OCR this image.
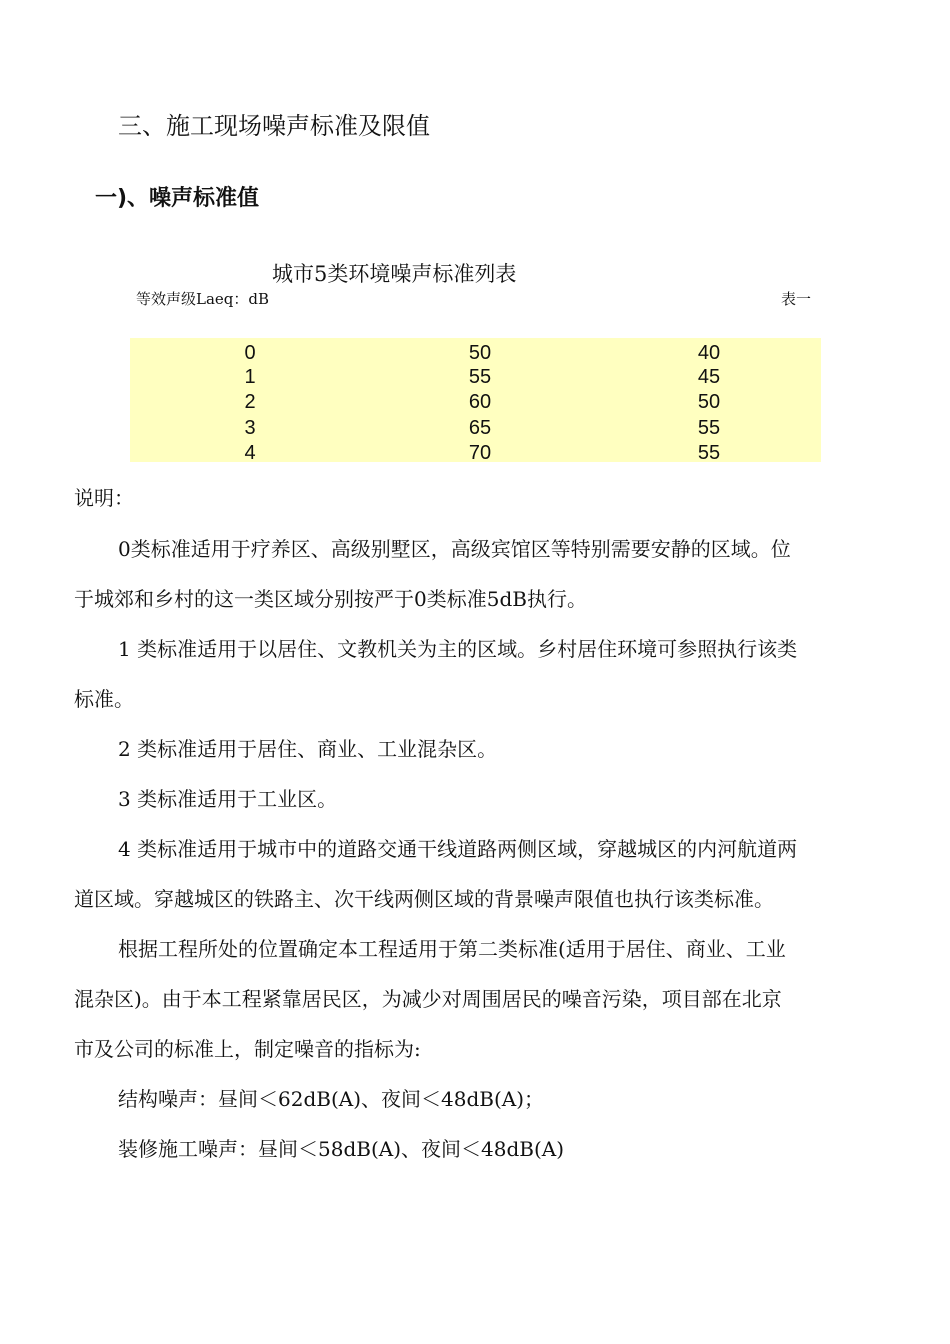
三、施工现场噪声标准及限值
一)、噪声标准值
城市5类环境噪声标准列表
等效声级Laeq：dB	表一
0	50	40
1	55	45
2	60	50
3	65	55
4	70	55
说明：
0类标准适用于疗养区、高级别墅区，高级宾馆区等特别需要安静的区域。位
于城郊和乡村的这一类区域分别按严于0类标准5dB执行。
1 类标准适用于以居住、文教机关为主的区域。乡村居住环境可参照执行该类
标准。
2 类标准适用于居住、商业、工业混杂区。
3 类标准适用于工业区。
4 类标准适用于城市中的道路交通干线道路两侧区域，穿越城区的内河航道两
道区域。穿越城区的铁路主、次干线两侧区域的背景噪声限值也执行该类标准。
根据工程所处的位置确定本工程适用于第二类标准(适用于居住、商业、工业
混杂区)。由于本工程紧靠居民区，为减少对周围居民的噪音污染，项目部在北京
市及公司的标准上，制定噪音的指标为:
结构噪声：昼间＜62dB(A)、夜间＜48dB(A)；
装修施工噪声：昼间＜58dB(A)、夜间＜48dB(A)
